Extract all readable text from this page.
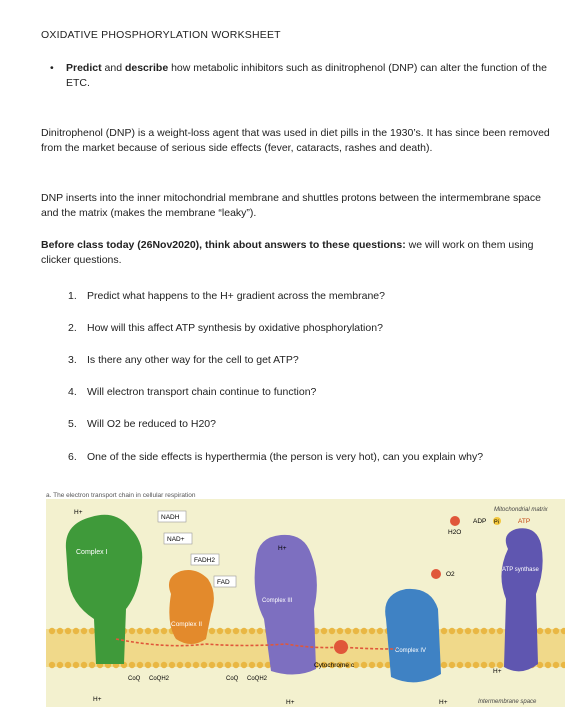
OXIDATIVE PHOSPHORYLATION WORKSHEET
• Predict and describe how metabolic inhibitors such as dinitrophenol (DNP) can alter the function of the ETC.
Dinitrophenol (DNP) is a weight-loss agent that was used in diet pills in the 1930’s. It has since been removed from the market because of serious side effects (fever, cataracts, rashes and death).
DNP inserts into the inner mitochondrial membrane and shuttles protons between the intermembrane space and the matrix (makes the membrane “leaky”).
Before class today (26Nov2020), think about answers to these questions: we will work on them using clicker questions.
1. Predict what happens to the H+ gradient across the membrane?
2. How will this affect ATP synthesis by oxidative phosphorylation?
3. Is there any other way for the cell to get ATP?
4. Will electron transport chain continue to function?
5. Will O2 be reduced to H20?
6. One of the side effects is hyperthermia (the person is very hot), can you explain why?
a. The electron transport chain in cellular respiration
Complex I
NADH
NAD+
Complex II
FADH2
FAD
Complex III
Cytochrome c
Complex IV
O2
H2O
ATP synthase
ADP Pi	ATP
CoQ CoQH2	CoQ CoQH2
H+
H+
H+
H+	H+
H+
Mitochondrial matrix
Intermembrane space
